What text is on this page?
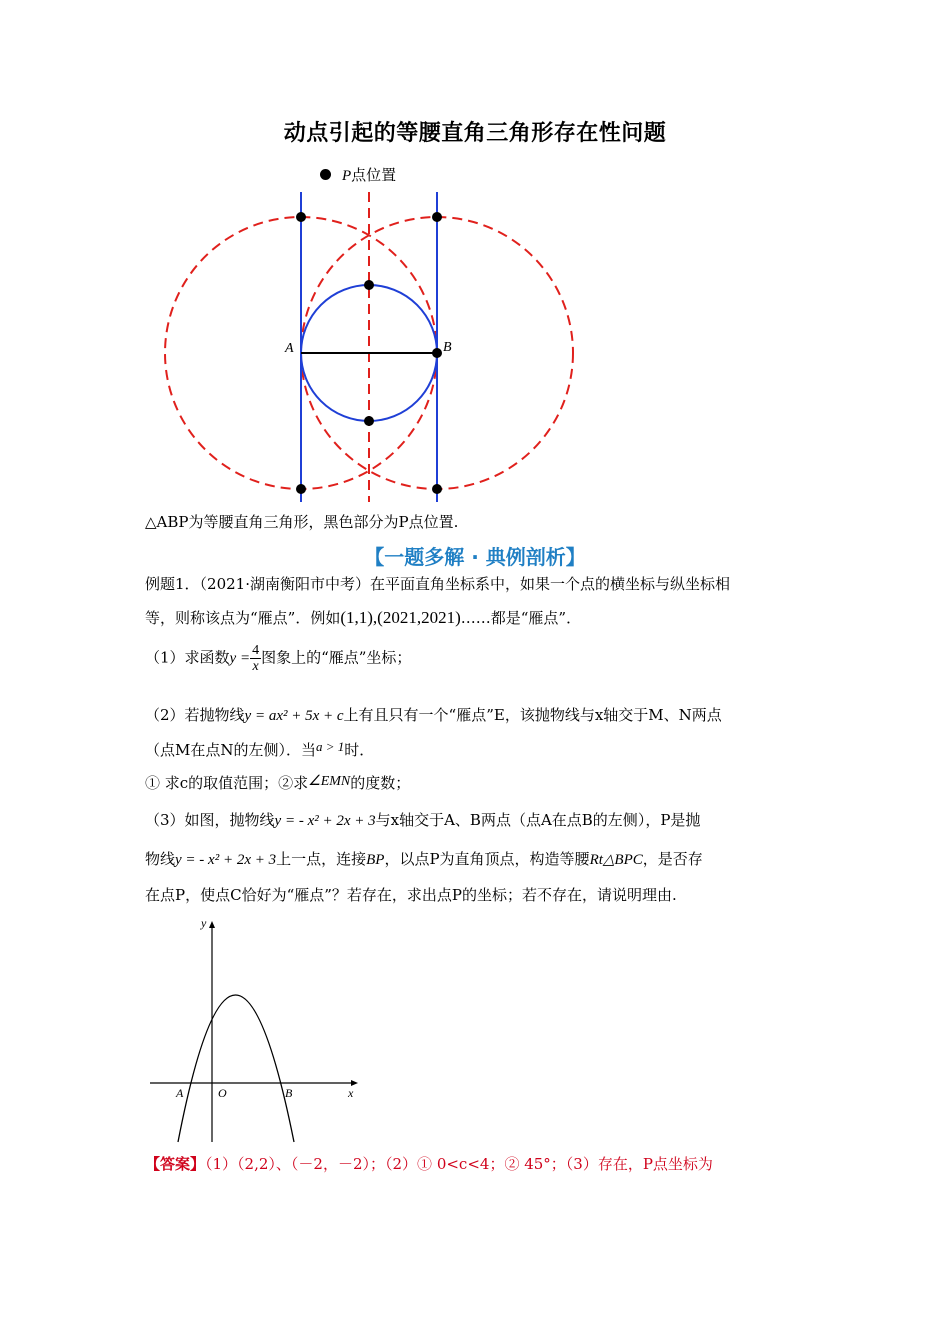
动点引起的等腰直角三角形存在性问题
P点位置
A	B
△ABP为等腰直角三角形，黑色部分为P点位置.
【一题多解 · 典例剖析】
例题1．（2021·湖南衡阳市中考）在平面直角坐标系中，如果一个点的横坐标与纵坐标相
等，则称该点为“雁点”．例如(1,1),(2021,2021)……都是“雁点”．
（1）求函数$y = \frac{4}{x}$ 图象上的“雁点”坐标；
（2）若抛物线y = ax² + 5x + c上有且只有一个“雁点”E，该抛物线与x轴交于M、N两点
（点M在点N的左侧）．当a > 1时．
① 求c的取值范围；②求∠EMN的度数；
（3）如图，抛物线y = - x² + 2x + 3与x轴交于A、B两点（点A在点B的左侧），P是抛
物线y = - x² + 2x + 3上一点，连接BP，以点P为直角顶点，构造等腰Rt△BPC，是否存
在点P，使点C恰好为“雁点”？若存在，求出点P的坐标；若不存在，请说明理由.
y
x
A	O	B
【答案】（1）（2,2）、（－2，－2）；（2）① 0<c<4；② 45°；（3）存在，P点坐标为
